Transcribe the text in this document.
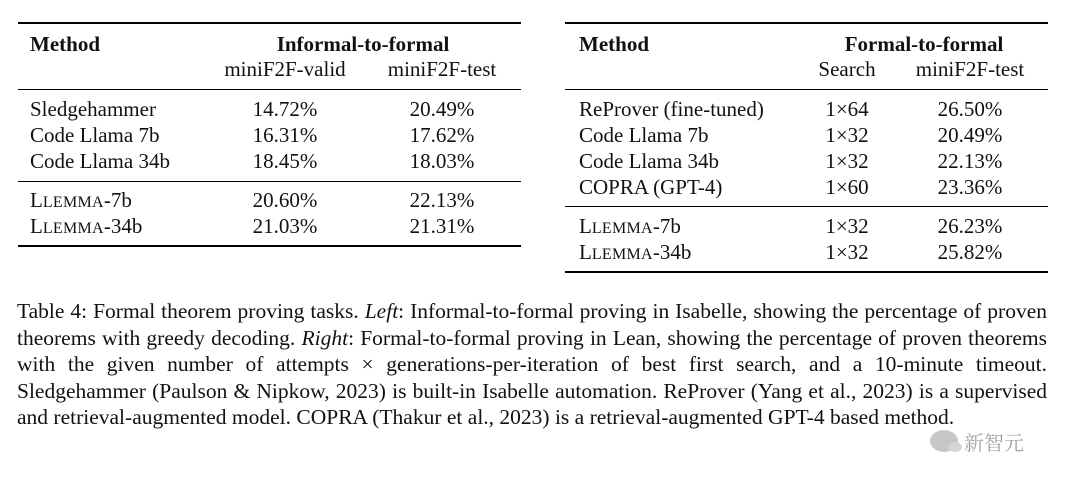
Method	Informal-to-formal
miniF2F-valid miniF2F-test
Sledgehammer	14.72%	20.49%
Code Llama 7b	16.31%	17.62%
Code Llama 34b	18.45%	18.03%
LLEMMA-7b	20.60%	22.13%
LLEMMA-34b	21.03%	21.31%
Method	Formal-to-formal
Search miniF2F-test
ReProver (fine-tuned)	1×64	26.50%
Code Llama 7b	1×32	20.49%
Code Llama 34b	1×32	22.13%
COPRA (GPT-4)	1×60	23.36%
LLEMMA-7b	1×32	26.23%
LLEMMA-34b	1×32	25.82%
Table 4: Formal theorem proving tasks. Left: Informal-to-formal proving in Isabelle, showing the percentage of proven theorems with greedy decoding. Right: Formal-to-formal proving in Lean, showing the percentage of proven theorems with the given number of attempts × generations-per-iteration of best first search, and a 10-minute timeout. Sledgehammer (Paulson & Nipkow, 2023) is built-in Isabelle automation. ReProver (Yang et al., 2023) is a supervised and retrieval-augmented model. COPRA (Thakur et al., 2023) is a retrieval-augmented GPT-4 based method.
新智元
